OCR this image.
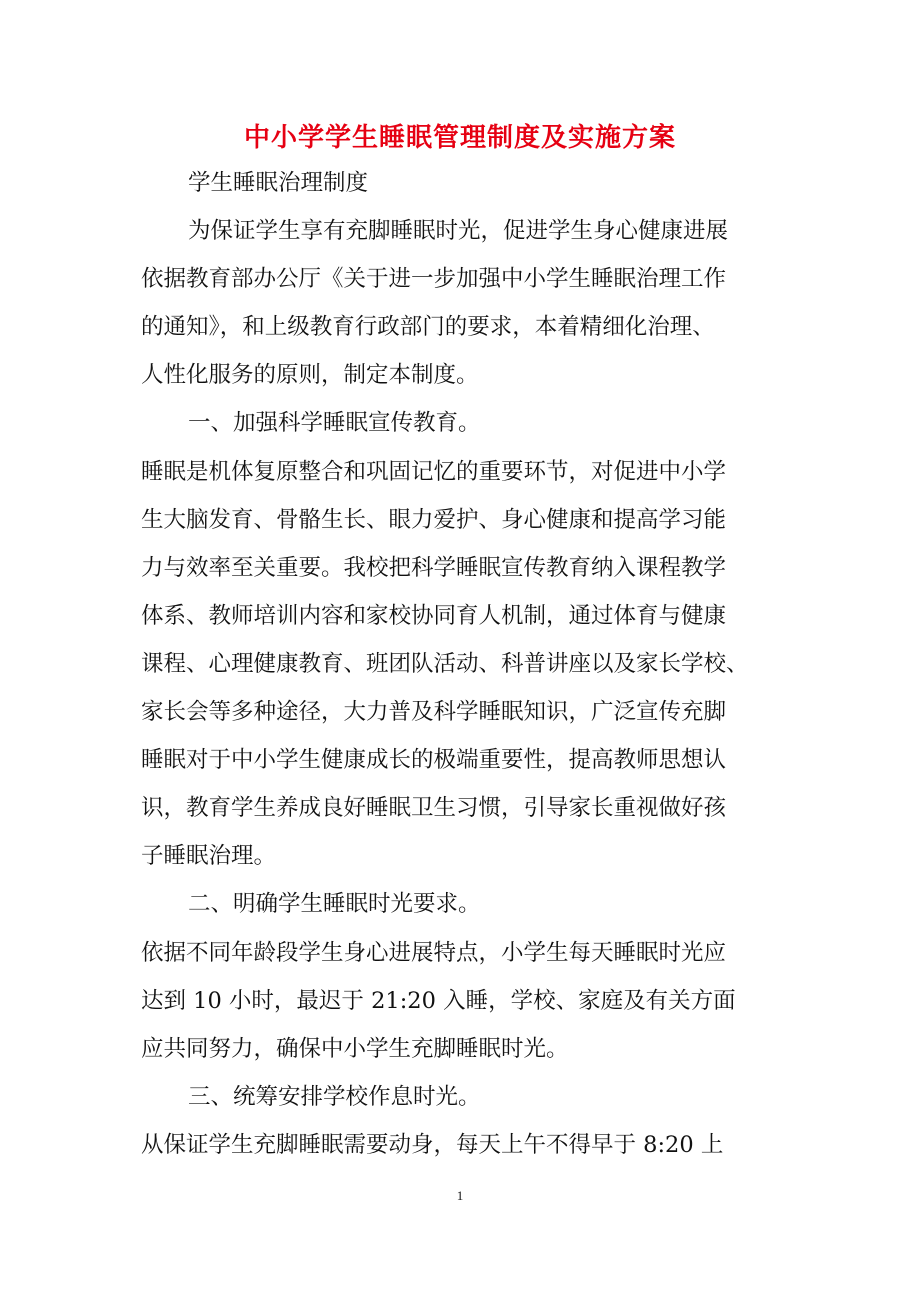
中小学学生睡眠管理制度及实施方案
学生睡眠治理制度
为保证学生享有充脚睡眠时光，促进学生身心健康进展
依据教育部办公厅《关于进一步加强中小学生睡眠治理工作
的通知》，和上级教育行政部门的要求，本着精细化治理、
人性化服务的原则，制定本制度。
一、加强科学睡眠宣传教育。
睡眠是机体复原整合和巩固记忆的重要环节，对促进中小学
生大脑发育、骨骼生长、眼力爱护、身心健康和提高学习能
力与效率至关重要。我校把科学睡眠宣传教育纳入课程教学
体系、教师培训内容和家校协同育人机制，通过体育与健康
课程、心理健康教育、班团队活动、科普讲座以及家长学校、
家长会等多种途径，大力普及科学睡眠知识，广泛宣传充脚
睡眠对于中小学生健康成长的极端重要性，提高教师思想认
识，教育学生养成良好睡眠卫生习惯，引导家长重视做好孩
子睡眠治理。
二、明确学生睡眠时光要求。
依据不同年龄段学生身心进展特点，小学生每天睡眠时光应
达到 10 小时，最迟于 21:20 入睡，学校、家庭及有关方面
应共同努力，确保中小学生充脚睡眠时光。
三、统筹安排学校作息时光。
从保证学生充脚睡眠需要动身，每天上午不得早于 8:20 上
1
